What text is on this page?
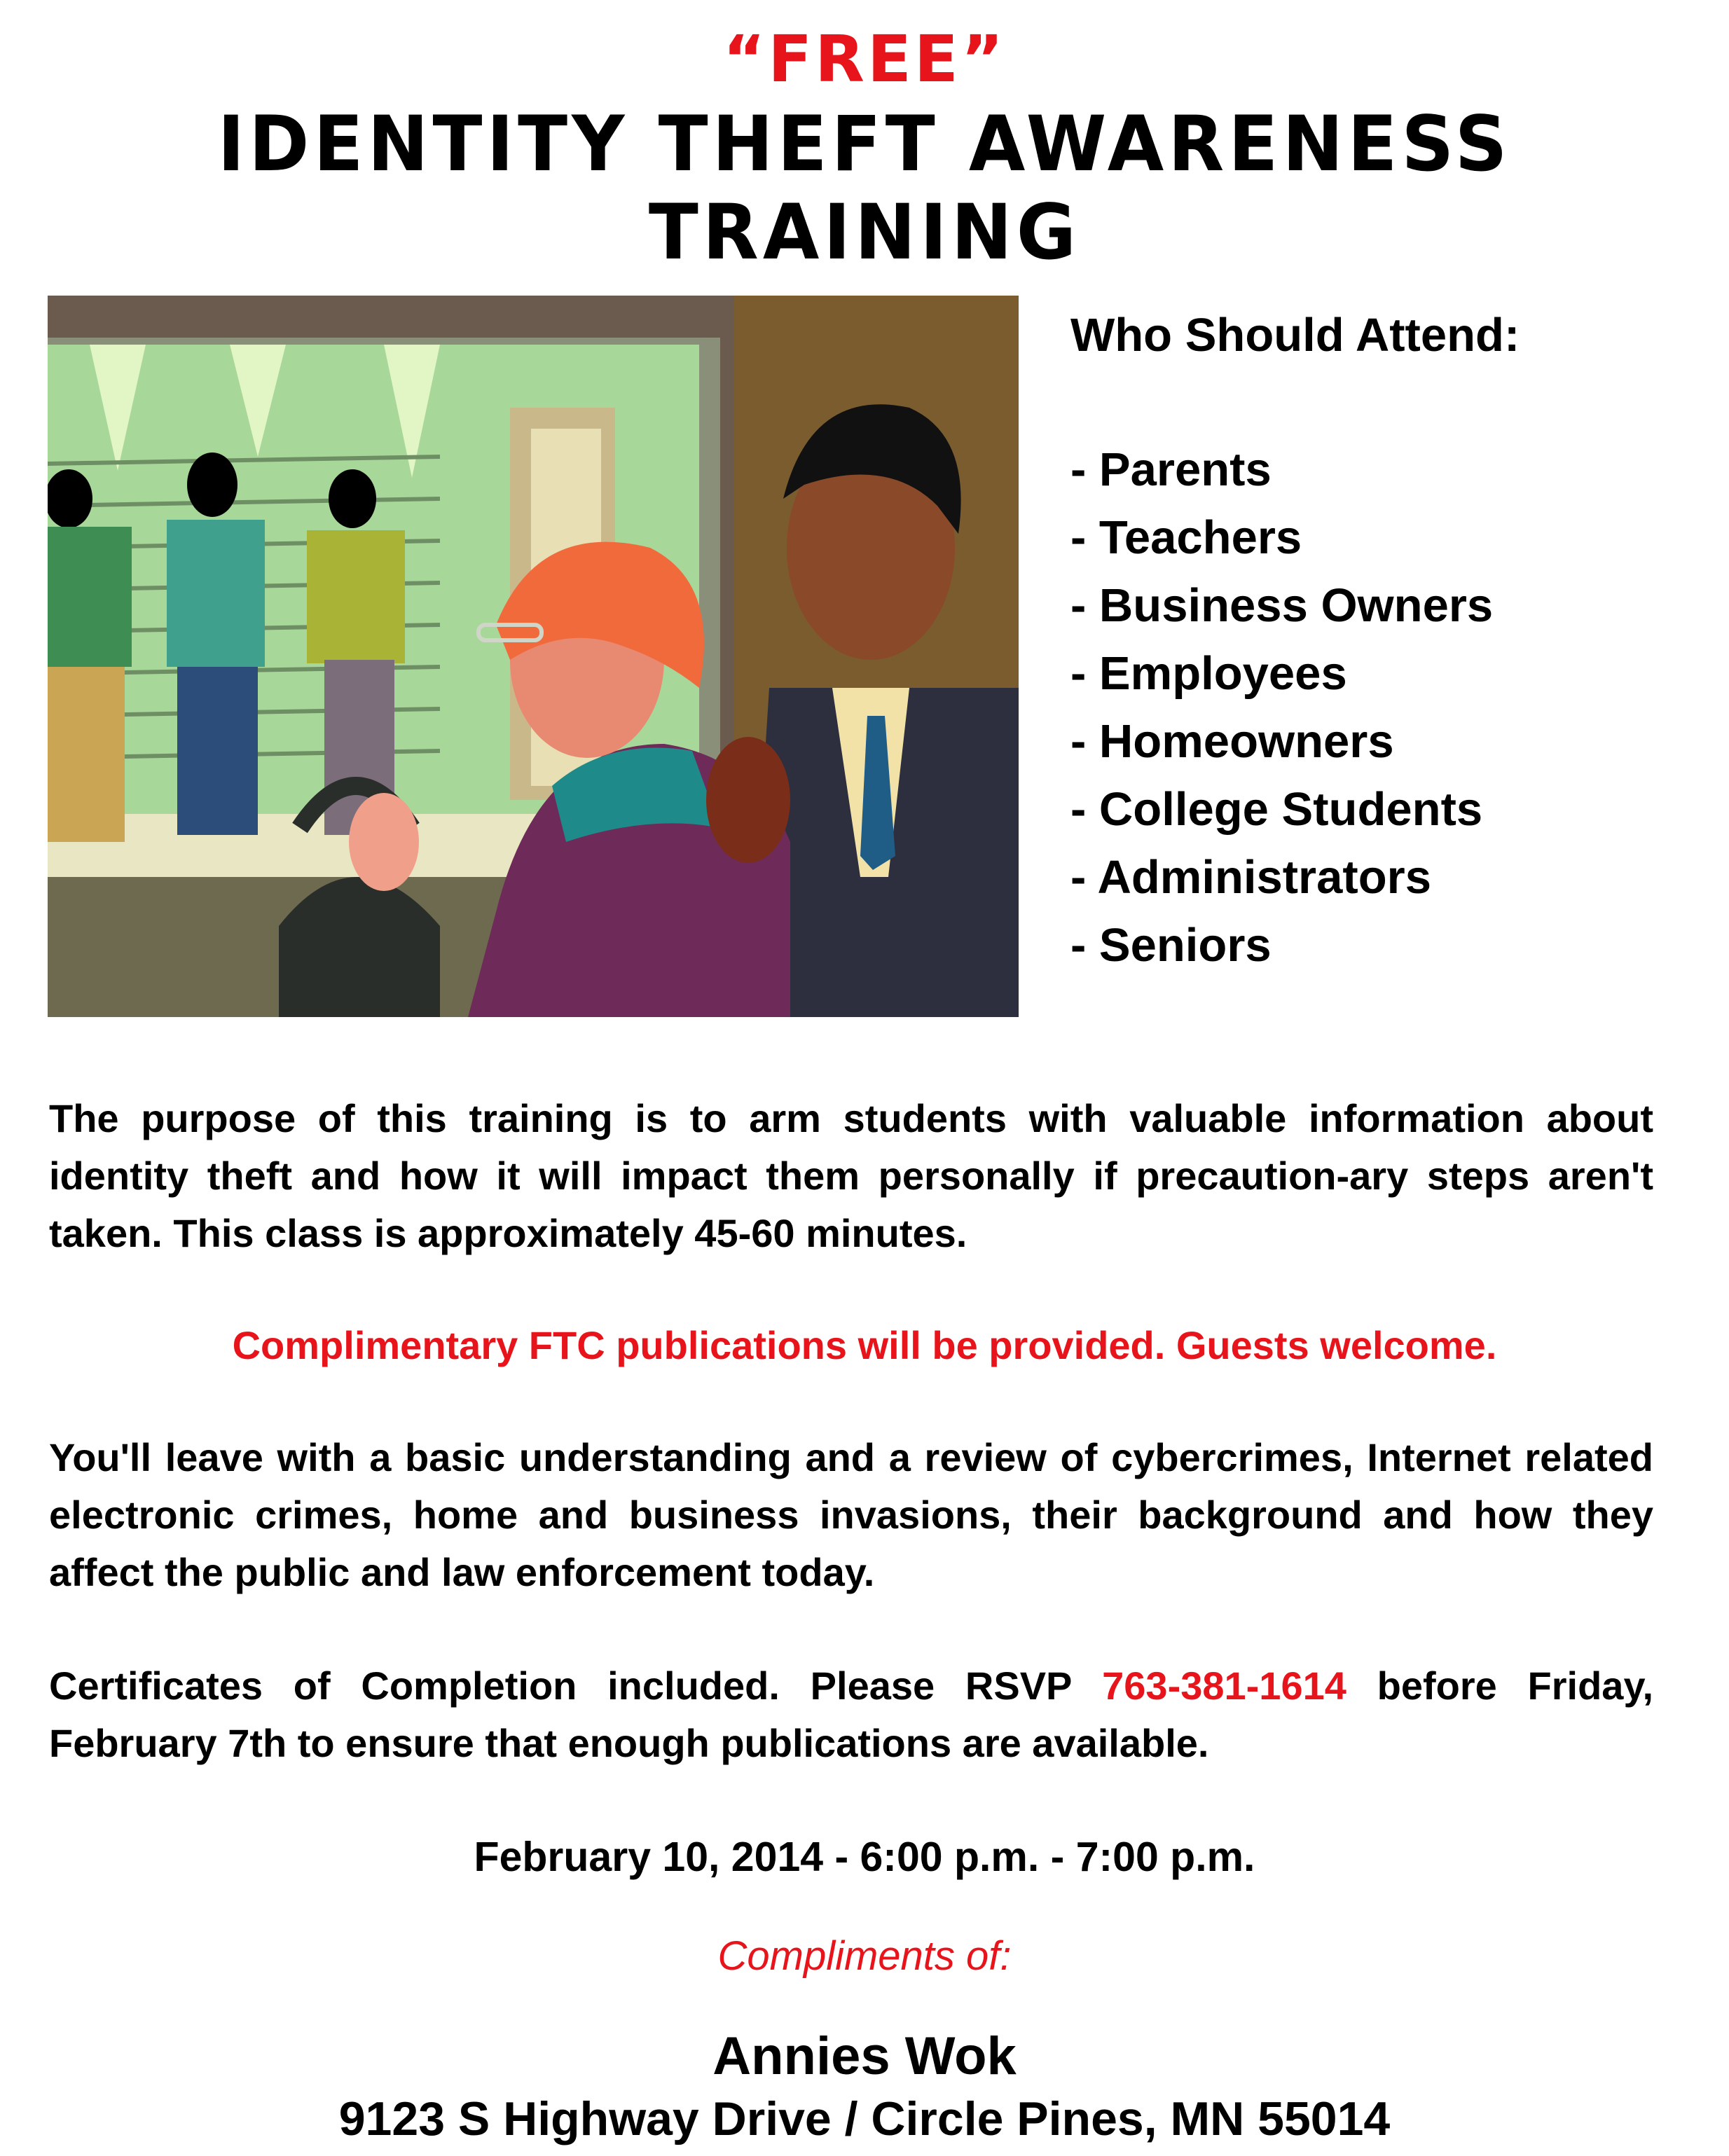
“FREE”
IDENTITY THEFT AWARENESS TRAINING
Who Should Attend:
- Parents
- Teachers
- Business Owners
- Employees
- Homeowners
- College Students
- Administrators
- Seniors
The purpose of this training is to arm students with valuable information about identity theft and how it will impact them personally if precaution-ary steps aren't taken. This class is approximately 45-60 minutes.
Complimentary FTC publications will be provided. Guests welcome.
You'll leave with a basic understanding and a review of cybercrimes, Internet related electronic crimes, home and business invasions, their background and how they affect the public and law enforcement today.
Certificates of Completion included. Please RSVP 763-381-1614 before Friday, February 7th to ensure that enough publications are available.
February 10, 2014 - 6:00 p.m. - 7:00 p.m.
Compliments of:
Annies Wok
9123 S Highway Drive / Circle Pines, MN 55014
